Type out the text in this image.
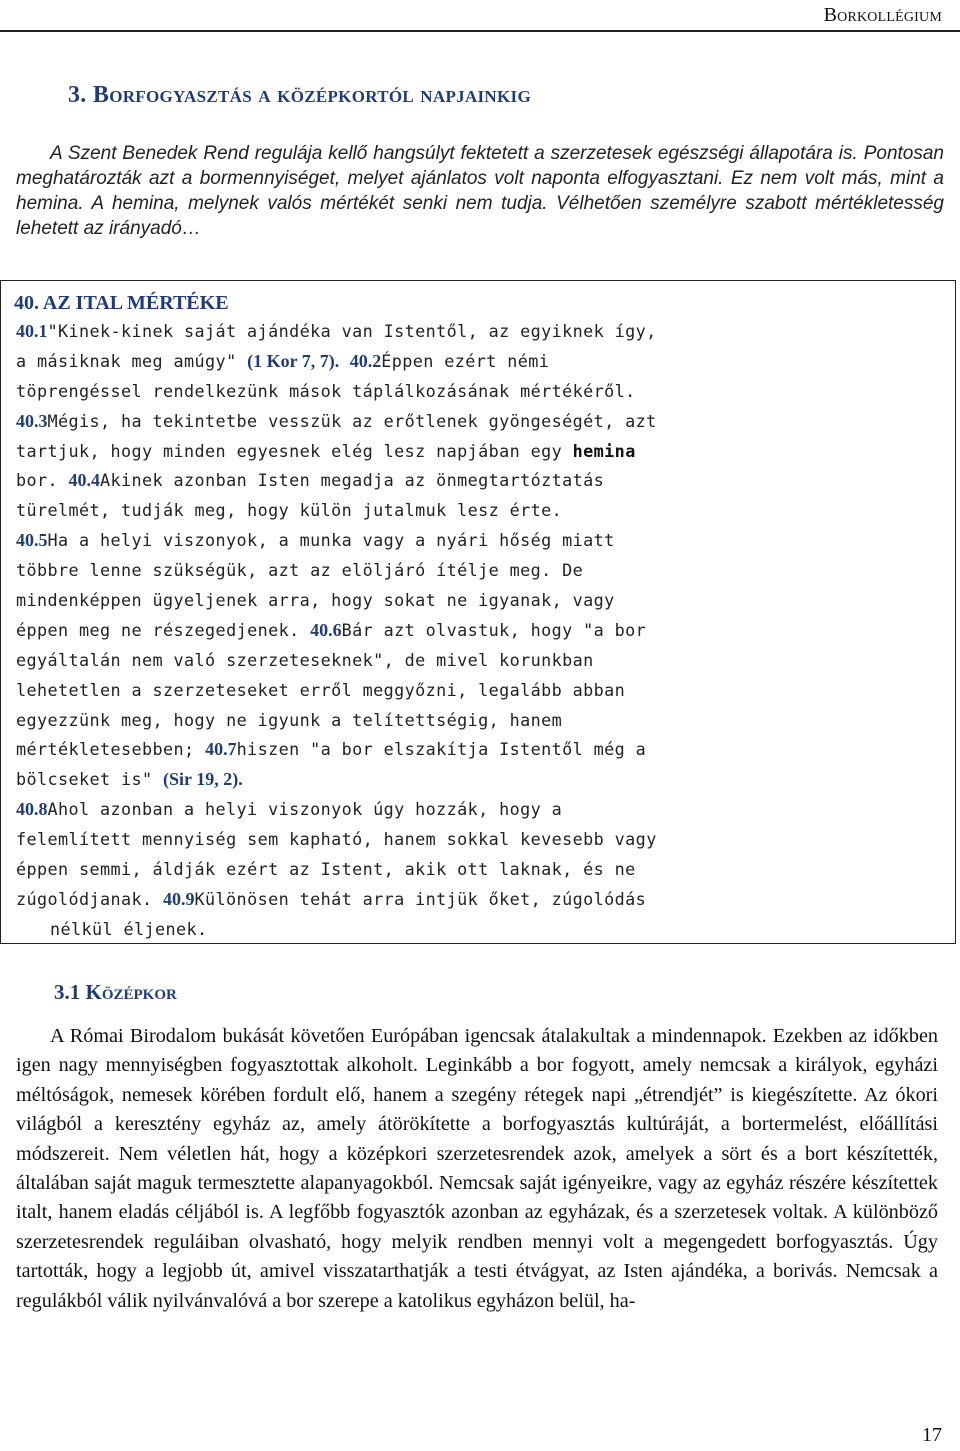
Borkollégium
3. Borfogyasztás a középkortól napjainkig

A Szent Benedek Rend regulája kellő hangsúlyt fektetett a szerzetesek egészségi állapotára is. Pontosan meghatározták azt a bormennyiséget, melyet ajánlatos volt naponta elfogyasztani. Ez nem volt más, mint a hemina. A hemina, melynek valós mértékét senki nem tudja. Vélhetően személyre szabott mértékletesség lehetett az irányadó…

40. AZ ITAL MÉRTÉKE
40.1"Kinek-kinek saját ajándéka van Istentől, az egyiknek így,
a másiknak meg amúgy" (1 Kor 7, 7). 40.2Éppen ezért némi
töprengéssel rendelkezünk mások táplálkozásának mértékéről.
40.3Mégis, ha tekintetbe vesszük az erőtlenek gyöngeségét, azt
tartjuk, hogy minden egyesnek elég lesz napjában egy hemina
bor. 40.4Akinek azonban Isten megadja az önmegtartóztatás
türelmét, tudják meg, hogy külön jutalmuk lesz érte.
40.5Ha a helyi viszonyok, a munka vagy a nyári hőség miatt
többre lenne szükségük, azt az elöljáró ítélje meg. De
mindenképpen ügyeljenek arra, hogy sokat ne igyanak, vagy
éppen meg ne részegedjenek. 40.6Bár azt olvastuk, hogy "a bor
egyáltalán nem való szerzeteseknek", de mivel korunkban
lehetetlen a szerzeteseket erről meggyőzni, legalább abban
egyezzünk meg, hogy ne igyunk a telítettségig, hanem
mértékletesebben; 40.7hiszen "a bor elszakítja Istentől még a
bölcseket is" (Sir 19, 2).
40.8Ahol azonban a helyi viszonyok úgy hozzák, hogy a
felemlített mennyiség sem kapható, hanem sokkal kevesebb vagy
éppen semmi, áldják ezért az Istent, akik ott laknak, és ne
zúgolódjanak. 40.9Különösen tehát arra intjük őket, zúgolódás
nélkül éljenek.
3.1 Középkor

A Római Birodalom bukását követően Európában igencsak átalakultak a mindennapok. Ezekben az időkben igen nagy mennyiségben fogyasztottak alkoholt. Leginkább a bor fogyott, amely nemcsak a királyok, egyházi méltóságok, nemesek körében fordult elő, hanem a szegény rétegek napi „étrendjét” is kiegészítette. Az ókori világból a keresztény egyház az, amely átörökítette a borfogyasztás kultúráját, a bortermelést, előállítási módszereit. Nem véletlen hát, hogy a középkori szerzetesrendek azok, amelyek a sört és a bort készítették, általában saját maguk termesztette alapanyagokból. Nemcsak saját igényeikre, vagy az egyház részére készítettek italt, hanem eladás céljából is. A legfőbb fogyasztók azonban az egyházak, és a szerzetesek voltak. A különböző szerzetesrendek reguláiban olvasható, hogy melyik rendben mennyi volt a megengedett borfogyasztás. Úgy tartották, hogy a legjobb út, amivel visszatarthatják a testi étvágyat, az Isten ajándéka, a borivás. Nemcsak a regulákból válik nyilvánvalóvá a bor szerepe a katolikus egyházon belül, ha-

17
